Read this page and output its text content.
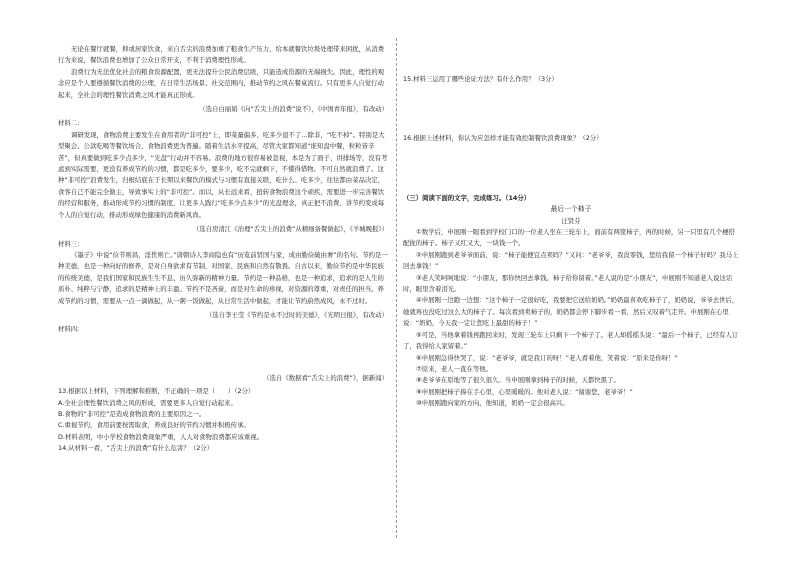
无论在餐厅就餐，抑或居家饮食，来自舌尖的浪费加重了粮食生产压力，给本就餐饮垃圾处理带来困扰，从消费行为来说，餐饮浪费也增加了公众日常开支，不利于消费理性形成。

浪费行为无法优化社会的粮食资源配置，更无法提升公民消费层级，只能造成资源的无端损失。因此，理性的观念应是个人要遵循餐饮消费的公理，在日常生活场景、社交范围内，推动节约之风在餐桌流行。只有更多人自觉行动起来，全社会的理性餐饮消费之风才能真正形成。

（选自白丽娟《向“舌尖上的浪费”说不》，《中国青年报》，有改动）

材料二：

调研发现，食物浪费主要发生在食用者的“非可控”上，即菜量偏多、吃多少退不了…除非，“吃不掉”。特别是大型聚会、公款吃喝等餐饮场合，食物浪费更为普遍。随着生活水平提高，尽管大家都知道“谁知盘中餐，粒粒皆辛苦”，但真要做到吃多少点多少，“光盘”行动并不容易。浪费的地方很容易被忽视，本是为了面子、讲排场等，没有考虑到实际需要，更没有养成节约的习惯，都是吃多少，要多少，吃不完就剩下，不懂得惜物。不可自然就浪费了。这种“非可控”浪费发生，归根结底在于长期以来餐饮的模式与习惯有直接关联，吃什么、吃多少，往往都由菜品决定，食客自己不能完全做主，导致事实上的“非可控”。而以，从长远来看，扭转食物浪费这个顽疾，需要进一步完善餐饮的经营和服务，推动形成节约习惯的制度，让更多人践行“吃多少点多少”的光盘理念，真正把不浪费、讲节约变成每个人的自觉行动，推动形成绿色健康的消费新风尚。

（选自房清江《治理“舌尖上的浪费”从精细备餐做起》，《羊城晚报》）

材料三：

《墨子》中说“俭节则昌，淫佚则亡。”唐朝诗人李商隐也有“历览前贤国与家，成由勤俭破由奢”的名句。节约是一种美德，也是一种向好的修养，是对自身欲求有节制，对国家、民族和自然有敬畏。自古以来，勤俭节约是中华民族的传统美德，是我们国家和民族生生不息、历久弥新的精神力量。节约是一种品格，也是一种追求，追求的是人生的质朴、纯粹与宁静，追求的是精神上的丰盈。节约不是吝啬，而是对生命的珍视，对资源的尊重，对责任的担当。养成节约的习惯，需要从一点一滴做起，从一粥一饭做起，从日常生活中做起，才能让节约蔚然成风，永不过时。

（选自李王莹《节约是永不过时的美德》，《光明日报》，有改动）

材料四：

（选自《数据看“舌尖上的浪费”》，据新闻）

13.根据以上材料，下列理解和推断，不正确的一项是（　　）（2分）

A.全社会理性餐饮消费之风的形成，需要更多人自觉行动起来。

B.食物的“非可控”是造成食物浪费的主要原因之一。

C.重视节约，食用前要按需取食，养成良好的节约习惯并积极传承。

D.材料表明，中小学校食物浪费现象严重，人人对食物浪费都应该重视。

14.从材料一看，“舌尖上的浪费”有什么危害？（2分）

15.材料三运用了哪些论证方法？有什么作用？（3分）

16.根据上述材料，你认为应怎样才能有效控制餐饮浪费现象？（2分）

（三）阅读下面的文字，完成练习。（14分）

最后一个柿子

汪贤芬

①数学后，申展刚一眼看到学校门口的一位老人坐在三轮车上，面前有两筐柿子，再的时候，另一只里有几个梗搭配拢的柿子。柿子又红又大，一块钱一个。

②申展刚跑到老爷爷面前，说：“柿子能便宜点卖吗？”又问：“老爷爷，我没零钱，您给我留一个柿子好吗？我马上回去拿钱！”

③老人笑呵呵地说：“小朋友，那你快回去拿钱。柿子给你留着。”老人说的是“小朋友”，申展刚不知道老人说这话时，眼里含着泪光。

④申展刚一边跑一边想：“这个柿子一定很好吃，我要把它送给奶奶。”奶奶最喜欢吃柿子了，奶奶说，爷爷去世后，她就再也没吃过这么大的柿子了。每次看到卖柿子的，奶奶都会停下脚步看一看，然后又叹着气走开。申展刚在心里说：“奶奶，今天我一定让您吃上最甜的柿子！”

⑤可是，当他拿着钱再跑回来时，发现三轮车上只剩下一个柿子了。老人却摇摇头说：“最后一个柿子，已经有人订了，我得给人家留着。”

⑥申展刚急得快哭了，说：“老爷爷，就是我订的呀！”老人看着他，笑着说：“原来是你呀！”

⑦原来，老人一直在等他。

⑧老爷爷在原地等了很久很久。当申展刚拿到柿子的时候，天都快黑了。

⑨申展刚把柿子捧在手心里，心里暖暖的。他对老人说：“谢谢您，老爷爷！”

⑩申展刚跑向家的方向，他知道，奶奶一定会很高兴。
